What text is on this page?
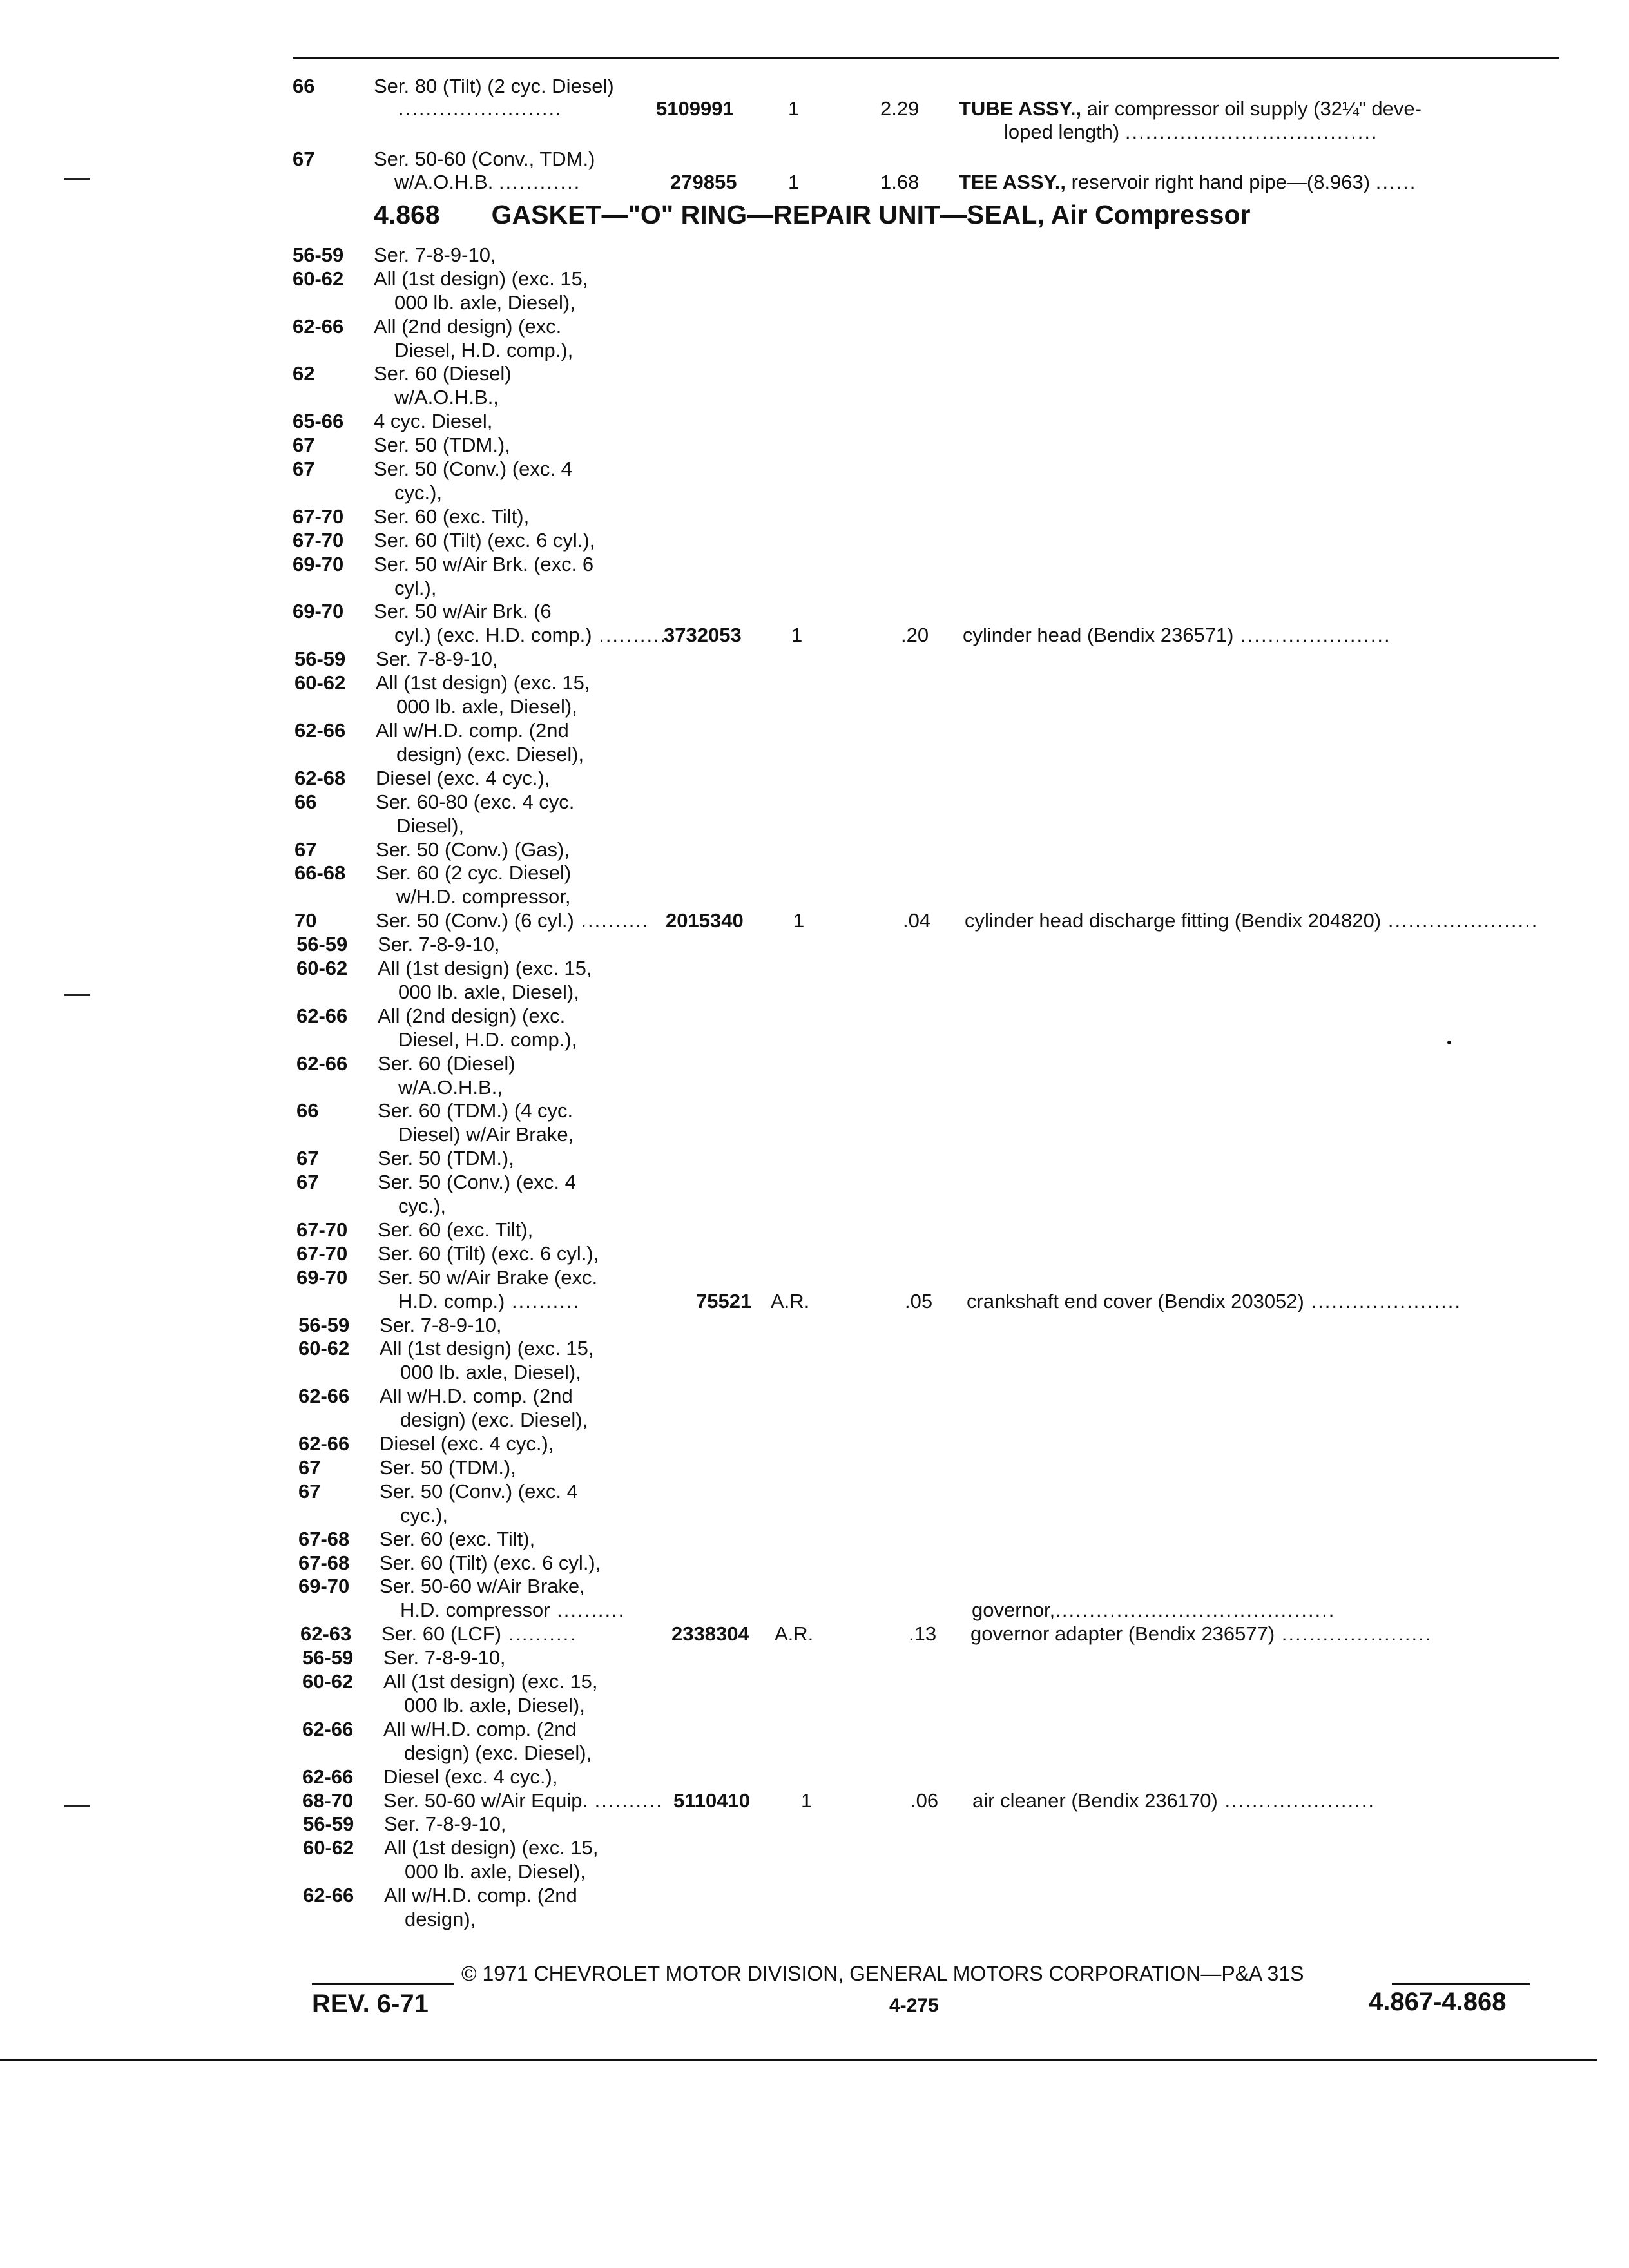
66	Ser. 80 (Tilt) (2 cyc. Diesel)
........................	5109991	1	2.29 TUBE ASSY., air compressor oil supply (32¼" deve-
loped length) .....................................
67	Ser. 50-60 (Conv., TDM.)
w/A.O.H.B. ............	279855	1	1.68 TEE ASSY., reservoir right hand pipe—(8.963) ......
4.868 GASKET—"O" RING—REPAIR UNIT—SEAL, Air Compressor
56-59 Ser. 7-8-9-10,
60-62 All (1st design) (exc. 15,
000 lb. axle, Diesel),
62-66 All (2nd design) (exc.
Diesel, H.D. comp.),
62	Ser. 60 (Diesel)
w/A.O.H.B.,
65-66 4 cyc. Diesel,
67	Ser. 50 (TDM.),
67	Ser. 50 (Conv.) (exc. 4
cyc.),
67-70 Ser. 60 (exc. Tilt),
67-70 Ser. 60 (Tilt) (exc. 6 cyl.),
69-70 Ser. 50 w/Air Brk. (exc. 6
cyl.),
69-70 Ser. 50 w/Air Brk. (6
cyl.) (exc. H.D. comp.) ..........
3732053 1	.20 cylinder head (Bendix 236571) ......................
56-59 Ser. 7-8-9-10,
60-62 All (1st design) (exc. 15,
000 lb. axle, Diesel),
62-66 All w/H.D. comp. (2nd
design) (exc. Diesel),
62-68 Diesel (exc. 4 cyc.),
66	Ser. 60-80 (exc. 4 cyc.
Diesel),
67	Ser. 50 (Conv.) (Gas),
66-68 Ser. 60 (2 cyc. Diesel)
w/H.D. compressor,
70	Ser. 50 (Conv.) (6 cyl.) .......... 2015340 1	.04 cylinder head discharge fitting (Bendix 204820) ......................
56-59 Ser. 7-8-9-10,
60-62 All (1st design) (exc. 15,
000 lb. axle, Diesel),
62-66 All (2nd design) (exc.
Diesel, H.D. comp.),
62-66 Ser. 60 (Diesel)
w/A.O.H.B.,
66	Ser. 60 (TDM.) (4 cyc.
Diesel) w/Air Brake,
67	Ser. 50 (TDM.),
67	Ser. 50 (Conv.) (exc. 4
cyc.),
67-70 Ser. 60 (exc. Tilt),
67-70 Ser. 60 (Tilt) (exc. 6 cyl.),
69-70 Ser. 50 w/Air Brake (exc.
H.D. comp.) ..........	75521 A.R.	.05 crankshaft end cover (Bendix 203052) ......................
56-59 Ser. 7-8-9-10,
60-62 All (1st design) (exc. 15,
000 lb. axle, Diesel),
62-66 All w/H.D. comp. (2nd
design) (exc. Diesel),
62-66 Diesel (exc. 4 cyc.),
67	Ser. 50 (TDM.),
67	Ser. 50 (Conv.) (exc. 4
cyc.),
67-68 Ser. 60 (exc. Tilt),
67-68 Ser. 60 (Tilt) (exc. 6 cyl.),
69-70 Ser. 50-60 w/Air Brake,
governor,.........................................
H.D. compressor ..........
62-63 Ser. 60 (LCF) ..........	2338304 A.R.	.13 governor adapter (Bendix 236577) ......................
56-59 Ser. 7-8-9-10,
60-62 All (1st design) (exc. 15,
000 lb. axle, Diesel),
62-66 All w/H.D. comp. (2nd
design) (exc. Diesel),
62-66 Diesel (exc. 4 cyc.),
68-70 Ser. 50-60 w/Air Equip. .......... 5110410	1	.06 air cleaner (Bendix 236170) ......................
56-59 Ser. 7-8-9-10,
60-62 All (1st design) (exc. 15,
000 lb. axle, Diesel),
62-66 All w/H.D. comp. (2nd
design),
© 1971 CHEVROLET MOTOR DIVISION, GENERAL MOTORS CORPORATION—P&A 31S
REV. 6-71	4-275	4.867-4.868
